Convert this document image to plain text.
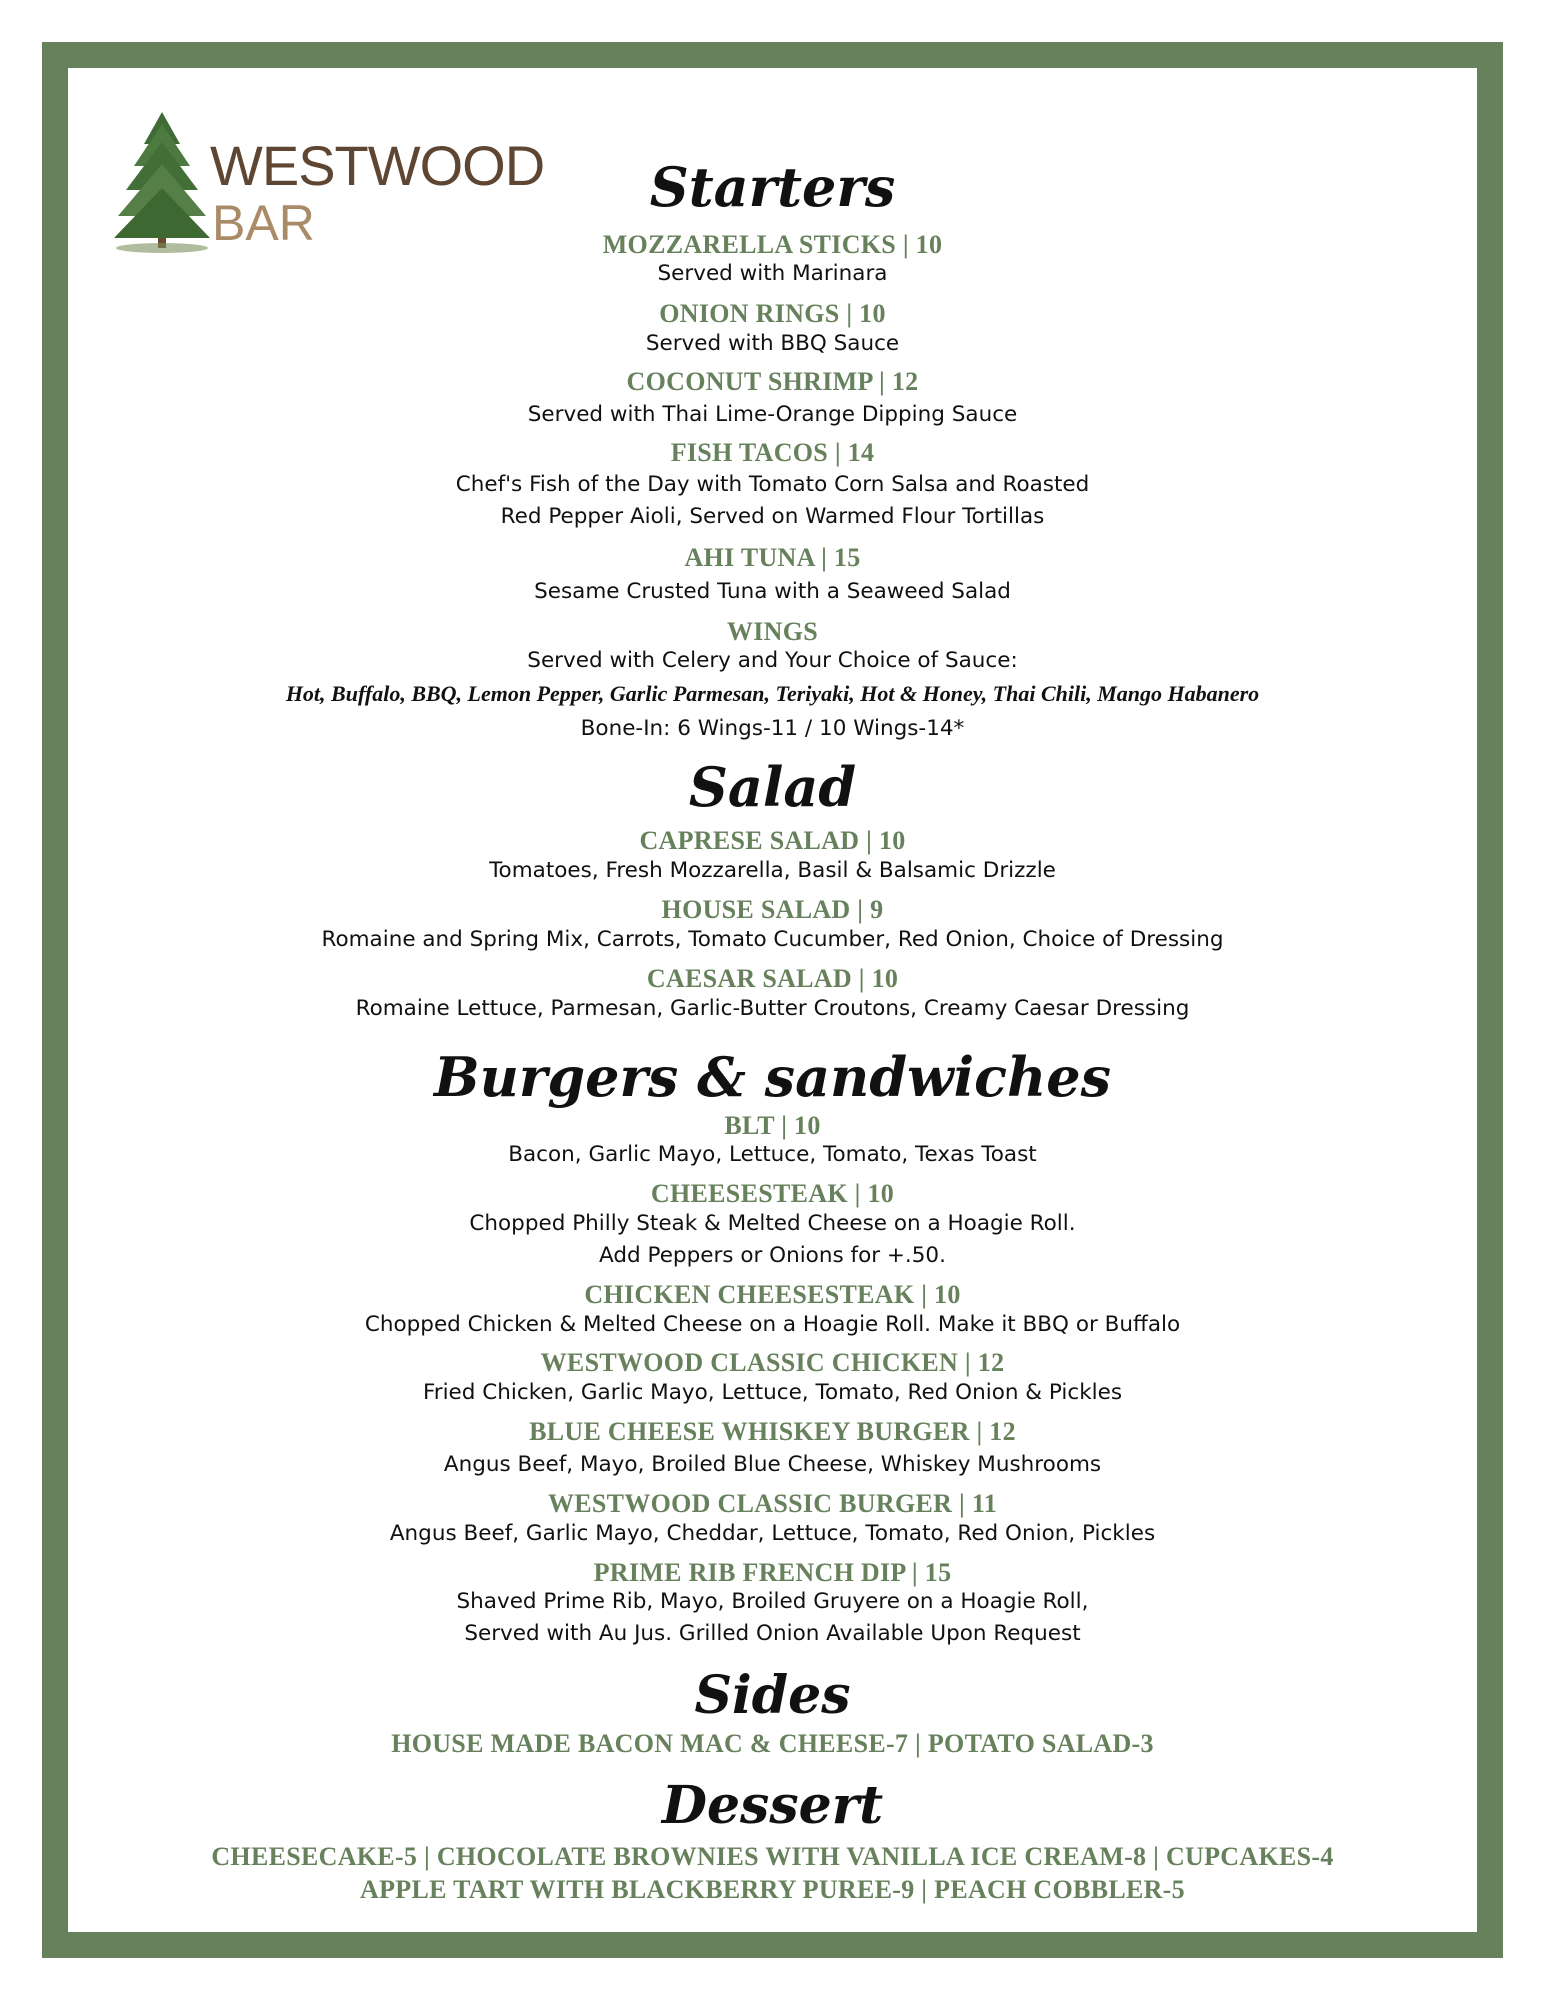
WESTWOOD
BAR
Starters
MOZZARELLA STICKS | 10
Served with Marinara
ONION RINGS | 10
Served with BBQ Sauce
COCONUT SHRIMP | 12
Served with Thai Lime-Orange Dipping Sauce
FISH TACOS | 14
Chef's Fish of the Day with Tomato Corn Salsa and Roasted
Red Pepper Aioli, Served on Warmed Flour Tortillas
AHI TUNA | 15
Sesame Crusted Tuna with a Seaweed Salad
WINGS
Served with Celery and Your Choice of Sauce:
Hot, Buffalo, BBQ, Lemon Pepper, Garlic Parmesan, Teriyaki, Hot & Honey, Thai Chili, Mango Habanero
Bone-In: 6 Wings-11 / 10 Wings-14*
Salad
CAPRESE SALAD | 10
Tomatoes, Fresh Mozzarella, Basil & Balsamic Drizzle
HOUSE SALAD | 9
Romaine and Spring Mix, Carrots, Tomato Cucumber, Red Onion, Choice of Dressing
CAESAR SALAD | 10
Romaine Lettuce, Parmesan, Garlic-Butter Croutons, Creamy Caesar Dressing
Burgers & sandwiches
BLT | 10
Bacon, Garlic Mayo, Lettuce, Tomato, Texas Toast
CHEESESTEAK | 10
Chopped Philly Steak & Melted Cheese on a Hoagie Roll.
Add Peppers or Onions for +.50.
CHICKEN CHEESESTEAK | 10
Chopped Chicken & Melted Cheese on a Hoagie Roll. Make it BBQ or Buffalo
WESTWOOD CLASSIC CHICKEN | 12
Fried Chicken, Garlic Mayo, Lettuce, Tomato, Red Onion & Pickles
BLUE CHEESE WHISKEY BURGER | 12
Angus Beef, Mayo, Broiled Blue Cheese, Whiskey Mushrooms
WESTWOOD CLASSIC BURGER | 11
Angus Beef, Garlic Mayo, Cheddar, Lettuce, Tomato, Red Onion, Pickles
PRIME RIB FRENCH DIP | 15
Shaved Prime Rib, Mayo, Broiled Gruyere on a Hoagie Roll,
Served with Au Jus. Grilled Onion Available Upon Request
Sides
HOUSE MADE BACON MAC & CHEESE-7 | POTATO SALAD-3
Dessert
CHEESECAKE-5 | CHOCOLATE BROWNIES WITH VANILLA ICE CREAM-8 | CUPCAKES-4
APPLE TART WITH BLACKBERRY PUREE-9 | PEACH COBBLER-5
